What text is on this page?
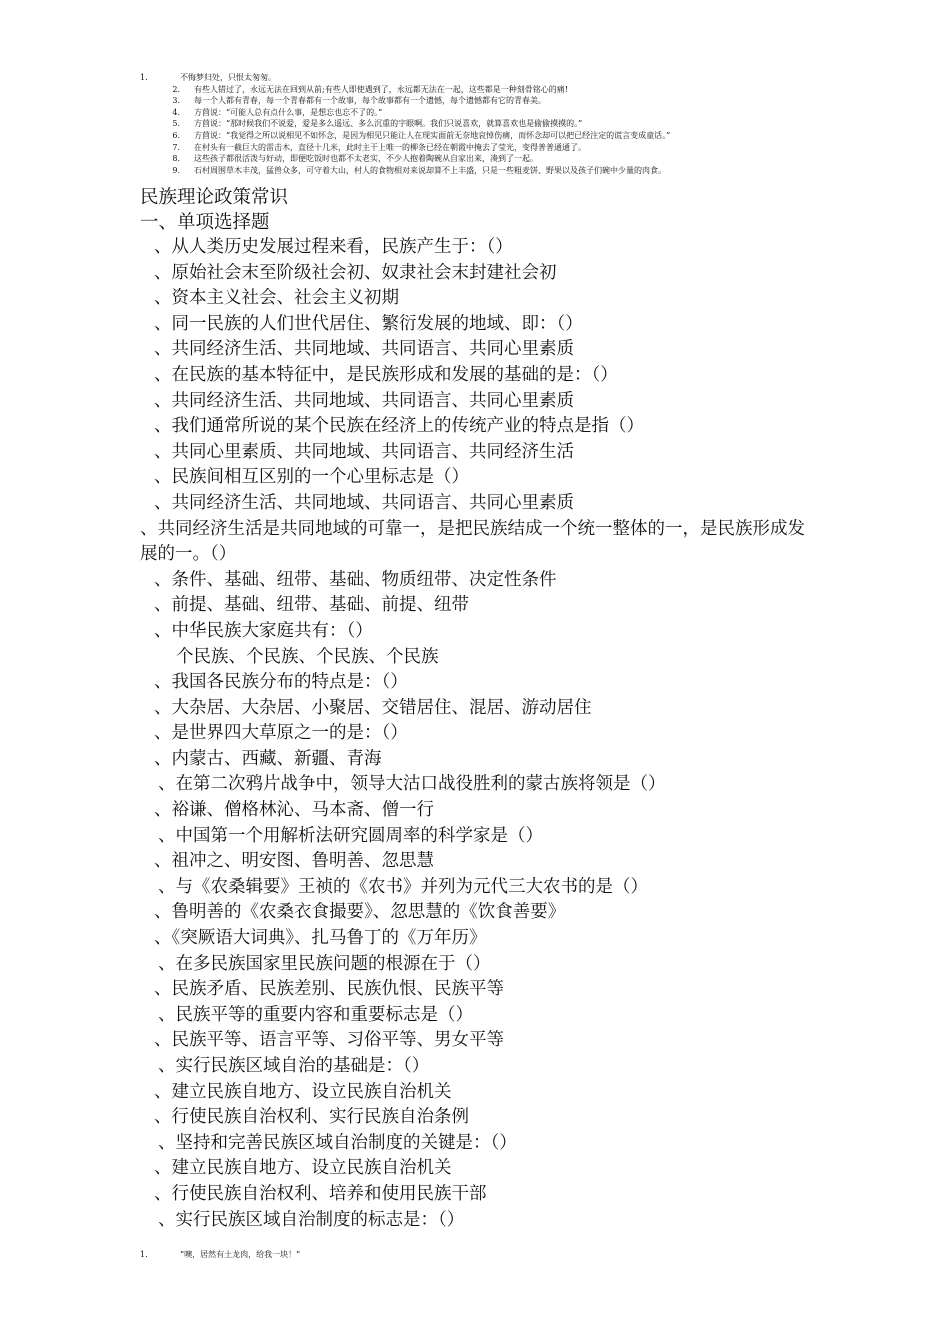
1.	不悔梦归处，只恨太匆匆。
2.	有些人错过了，永远无法在回到从前;有些人即使遇到了，永远都无法在一起，这些都是一种刻骨铭心的痛!
3.	每一个人都有青春，每一个青春都有一个故事，每个故事都有一个遗憾，每个遗憾都有它的青春美。
4.	方茴说：“可能人总有点什么事，是想忘也忘不了的。”
5.	方茴说：“那时候我们不说爱，爱是多么遥远、多么沉重的字眼啊。我们只说喜欢，就算喜欢也是偷偷摸摸的。”
6.	方茴说：“我觉得之所以说相见不如怀念，是因为相见只能让人在现实面前无奈地哀悼伤痛，而怀念却可以把已经注定的谎言变成童话。”
7.	在村头有一截巨大的雷击木，直径十几米，此时主干上唯一的柳条已经在朝霞中掩去了莹光，变得普普通通了。
8.	这些孩子都很活泼与好动，即便吃饭时也都不太老实，不少人抱着陶碗从自家出来，凑到了一起。
9.	石村周围草木丰茂，猛兽众多，可守着大山，村人的食物相对来说却算不上丰盛，只是一些粗麦饼、野果以及孩子们碗中少量的肉食。
民族理论政策常识
一、单项选择题
、从人类历史发展过程来看，民族产生于：（）
、原始社会末至阶级社会初、奴隶社会末封建社会初
、资本主义社会、社会主义初期
、同一民族的人们世代居住、繁衍发展的地域、即：（）
、共同经济生活、共同地域、共同语言、共同心里素质
、在民族的基本特征中，是民族形成和发展的基础的是：（）
、共同经济生活、共同地域、共同语言、共同心里素质
、我们通常所说的某个民族在经济上的传统产业的特点是指（）
、共同心里素质、共同地域、共同语言、共同经济生活
、民族间相互区别的一个心里标志是（）
、共同经济生活、共同地域、共同语言、共同心里素质
、共同经济生活是共同地域的可靠一，是把民族结成一个统一整体的一，是民族形成发展的一。（）
、条件、基础、纽带、基础、物质纽带、决定性条件
、前提、基础、纽带、基础、前提、纽带
、中华民族大家庭共有：（）
个民族、个民族、个民族、个民族
、我国各民族分布的特点是：（）
、大杂居、大杂居、小聚居、交错居住、混居、游动居住
、是世界四大草原之一的是：（）
、内蒙古、西藏、新疆、青海
、在第二次鸦片战争中，领导大沽口战役胜利的蒙古族将领是（）
、裕谦、僧格林沁、马本斋、僧一行
、中国第一个用解析法研究圆周率的科学家是（）
、祖冲之、明安图、鲁明善、忽思慧
、与《农桑辑要》王祯的《农书》并列为元代三大农书的是（）
、鲁明善的《农桑衣食撮要》、忽思慧的《饮食善要》
、《突厥语大词典》、扎马鲁丁的《万年历》
、在多民族国家里民族问题的根源在于（）
、民族矛盾、民族差别、民族仇恨、民族平等
、民族平等的重要内容和重要标志是（）
、民族平等、语言平等、习俗平等、男女平等
、实行民族区域自治的基础是：（）
、建立民族自地方、设立民族自治机关
、行使民族自治权利、实行民族自治条例
、坚持和完善民族区域自治制度的关键是：（）
、建立民族自地方、设立民族自治机关
、行使民族自治权利、培养和使用民族干部
、实行民族区域自治制度的标志是：（）
1.	“噢，居然有土龙肉，给我一块！”
